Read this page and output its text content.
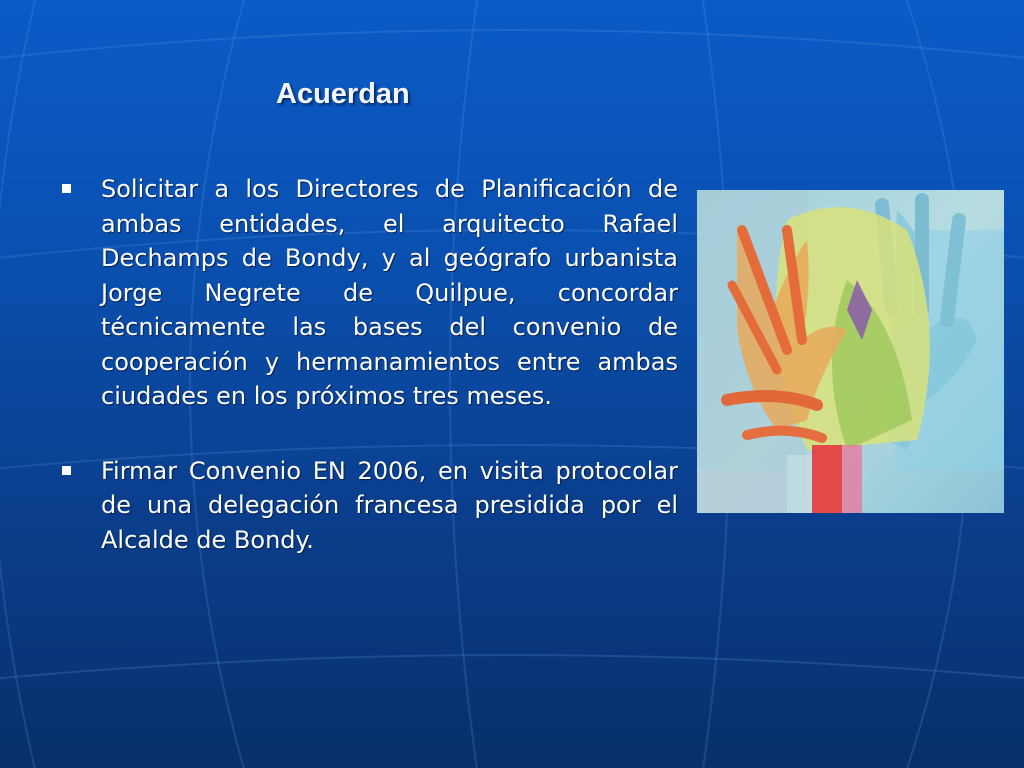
Acuerdan
Solicitar a los Directores de Planificación de ambas entidades, el arquitecto Rafael Dechamps de Bondy, y al geógrafo urbanista Jorge Negrete de Quilpue, concordar técnicamente las bases del convenio de cooperación y hermanamientos entre ambas ciudades en los próximos tres meses.
Firmar Convenio EN 2006, en visita protocolar de una delegación francesa presidida por el Alcalde de Bondy.
